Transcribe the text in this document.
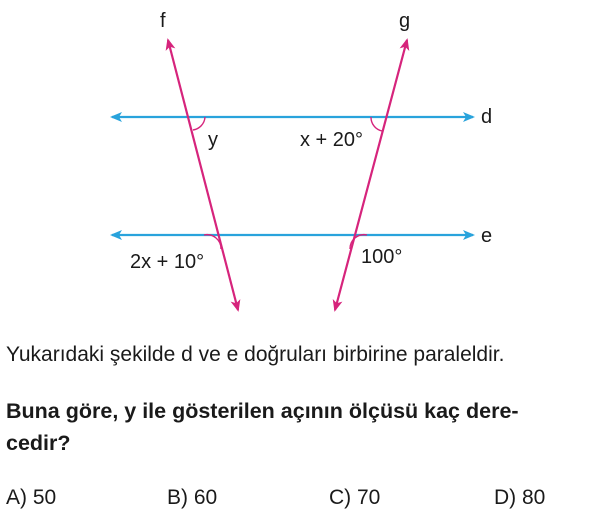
f	g
d
e
y	x + 20°
2x + 10°	100°
Yukarıdaki şekilde d ve e doğruları birbirine paraleldir.
Buna göre, y ile gösterilen açının ölçüsü kaç dere-
cedir?
A) 50	B) 60	C) 70	D) 80
